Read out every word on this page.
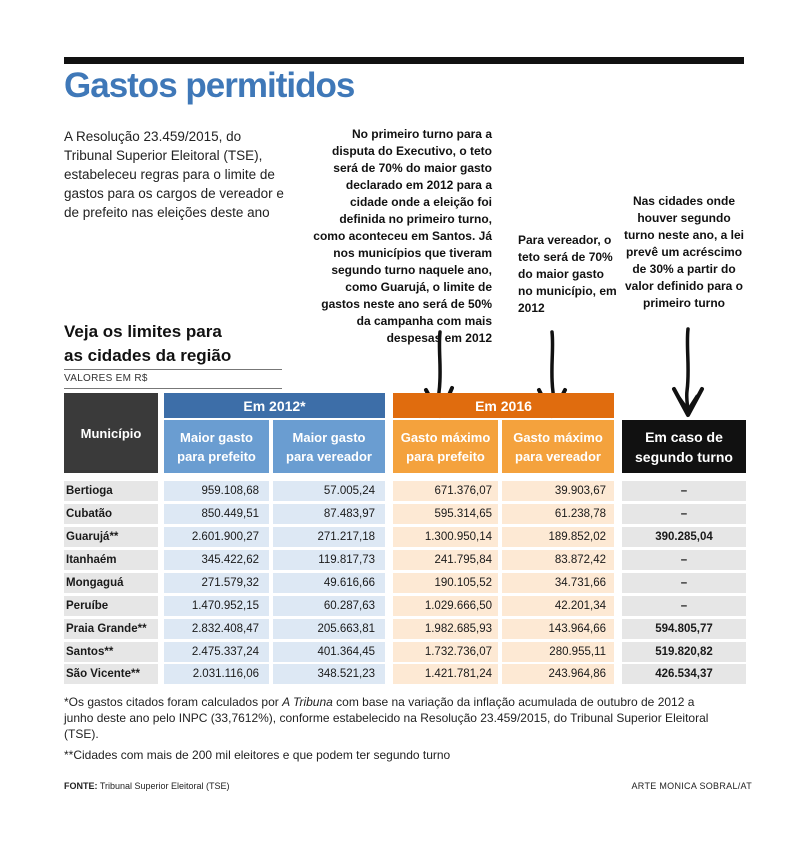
Gastos permitidos
A Resolução 23.459/2015, do Tribunal Superior Eleitoral (TSE), estabeleceu regras para o limite de gastos para os cargos de vereador e de prefeito nas eleições deste ano
No primeiro turno para a disputa do Executivo, o teto será de 70% do maior gasto declarado em 2012 para a cidade onde a eleição foi definida no primeiro turno, como aconteceu em Santos. Já nos municípios que tiveram segundo turno naquele ano, como Guarujá, o limite de gastos neste ano será de 50% da campanha com mais despesas em 2012
Para vereador, o teto será de 70% do maior gasto no município, em 2012
Nas cidades onde houver segundo turno neste ano, a lei prevê um acréscimo de 30% a partir do valor definido para o primeiro turno
Veja os limites para
as cidades da região
VALORES EM R$
Município
Em 2012*	Em 2016
Maior gasto
para prefeito
Maior gasto
para vereador
Gasto máximo
para prefeito
Gasto máximo
para vereador
Em caso de
segundo turno
Bertioga	959.108,68	57.005,24	671.376,07	39.903,67	–
Cubatão	850.449,51	87.483,97	595.314,65	61.238,78	–
Guarujá**	2.601.900,27	271.217,18	1.300.950,14	189.852,02	390.285,04
Itanhaém	345.422,62	119.817,73	241.795,84	83.872,42	–
Mongaguá	271.579,32	49.616,66	190.105,52	34.731,66	–
Peruíbe	1.470.952,15	60.287,63	1.029.666,50	42.201,34	–
Praia Grande**	2.832.408,47	205.663,81	1.982.685,93	143.964,66	594.805,77
Santos**	2.475.337,24	401.364,45	1.732.736,07	280.955,11	519.820,82
São Vicente**	2.031.116,06	348.521,23	1.421.781,24	243.964,86	426.534,37
*Os gastos citados foram calculados por A Tribuna com base na variação da inflação acumulada de outubro de 2012 a junho deste ano pelo INPC (33,7612%), conforme estabelecido na Resolução 23.459/2015, do Tribunal Superior Eleitoral (TSE).
**Cidades com mais de 200 mil eleitores e que podem ter segundo turno
FONTE: Tribunal Superior Eleitoral (TSE)	ARTE MONICA SOBRAL/AT
